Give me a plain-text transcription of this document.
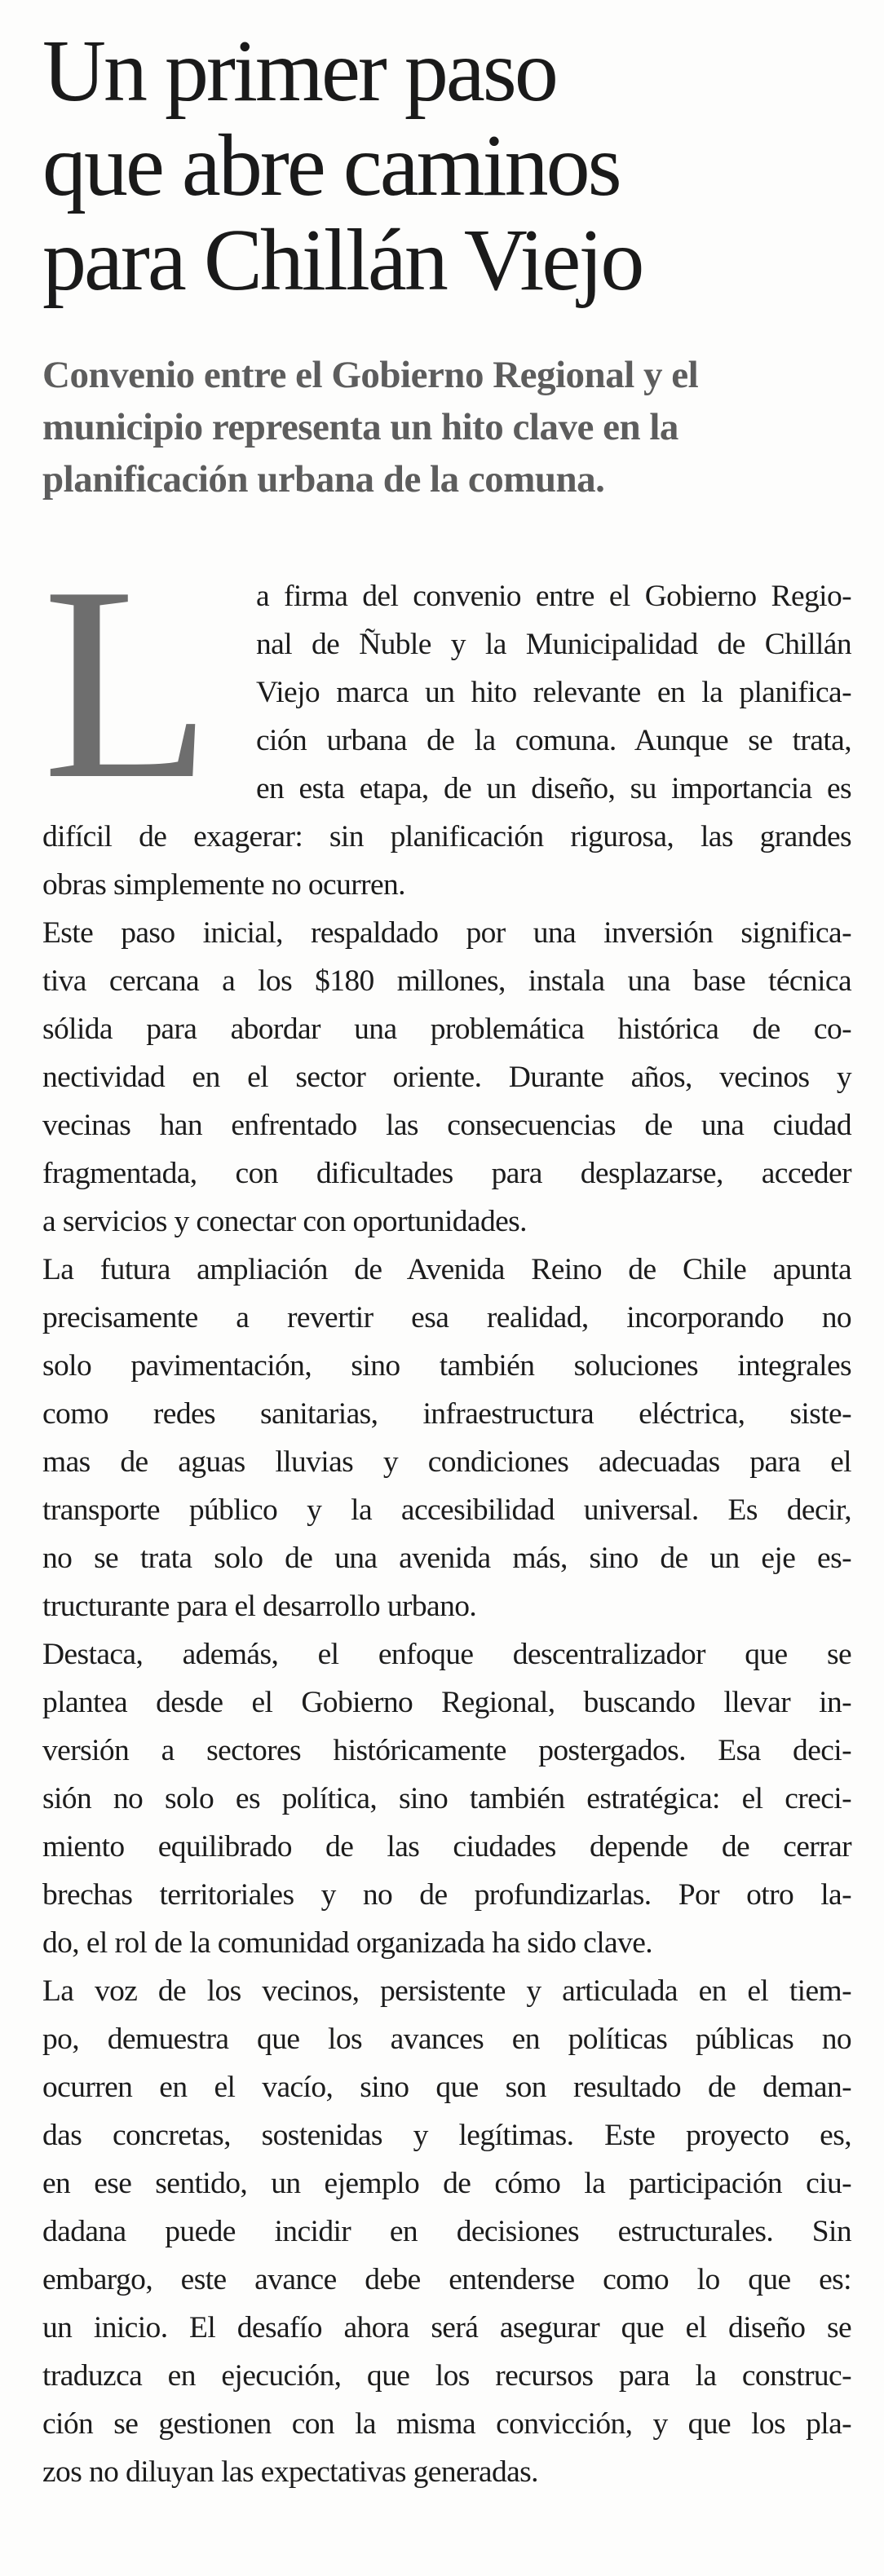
Un primer paso
que abre caminos
para Chillán Viejo
Convenio entre el Gobierno Regional y el
municipio representa un hito clave en la
planificación urbana de la comuna.
L	a firma del convenio entre el Gobierno Regio-
nal de Ñuble y la Municipalidad de Chillán
Viejo marca un hito relevante en la planifica-
ción urbana de la comuna. Aunque se trata,
en esta etapa, de un diseño, su importancia es
difícil de exagerar: sin planificación rigurosa, las grandes
obras simplemente no ocurren.
Este paso inicial, respaldado por una inversión significa-
tiva cercana a los $180 millones, instala una base técnica
sólida para abordar una problemática histórica de co-
nectividad en el sector oriente. Durante años, vecinos y
vecinas han enfrentado las consecuencias de una ciudad
fragmentada, con dificultades para desplazarse, acceder
a servicios y conectar con oportunidades.
La futura ampliación de Avenida Reino de Chile apunta
precisamente a revertir esa realidad, incorporando no
solo pavimentación, sino también soluciones integrales
como redes sanitarias, infraestructura eléctrica, siste-
mas de aguas lluvias y condiciones adecuadas para el
transporte público y la accesibilidad universal. Es decir,
no se trata solo de una avenida más, sino de un eje es-
tructurante para el desarrollo urbano.
Destaca, además, el enfoque descentralizador que se
plantea desde el Gobierno Regional, buscando llevar in-
versión a sectores históricamente postergados. Esa deci-
sión no solo es política, sino también estratégica: el creci-
miento equilibrado de las ciudades depende de cerrar
brechas territoriales y no de profundizarlas. Por otro la-
do, el rol de la comunidad organizada ha sido clave.
La voz de los vecinos, persistente y articulada en el tiem-
po, demuestra que los avances en políticas públicas no
ocurren en el vacío, sino que son resultado de deman-
das concretas, sostenidas y legítimas. Este proyecto es,
en ese sentido, un ejemplo de cómo la participación ciu-
dadana puede incidir en decisiones estructurales. Sin
embargo, este avance debe entenderse como lo que es:
un inicio. El desafío ahora será asegurar que el diseño se
traduzca en ejecución, que los recursos para la construc-
ción se gestionen con la misma convicción, y que los pla-
zos no diluyan las expectativas generadas.
